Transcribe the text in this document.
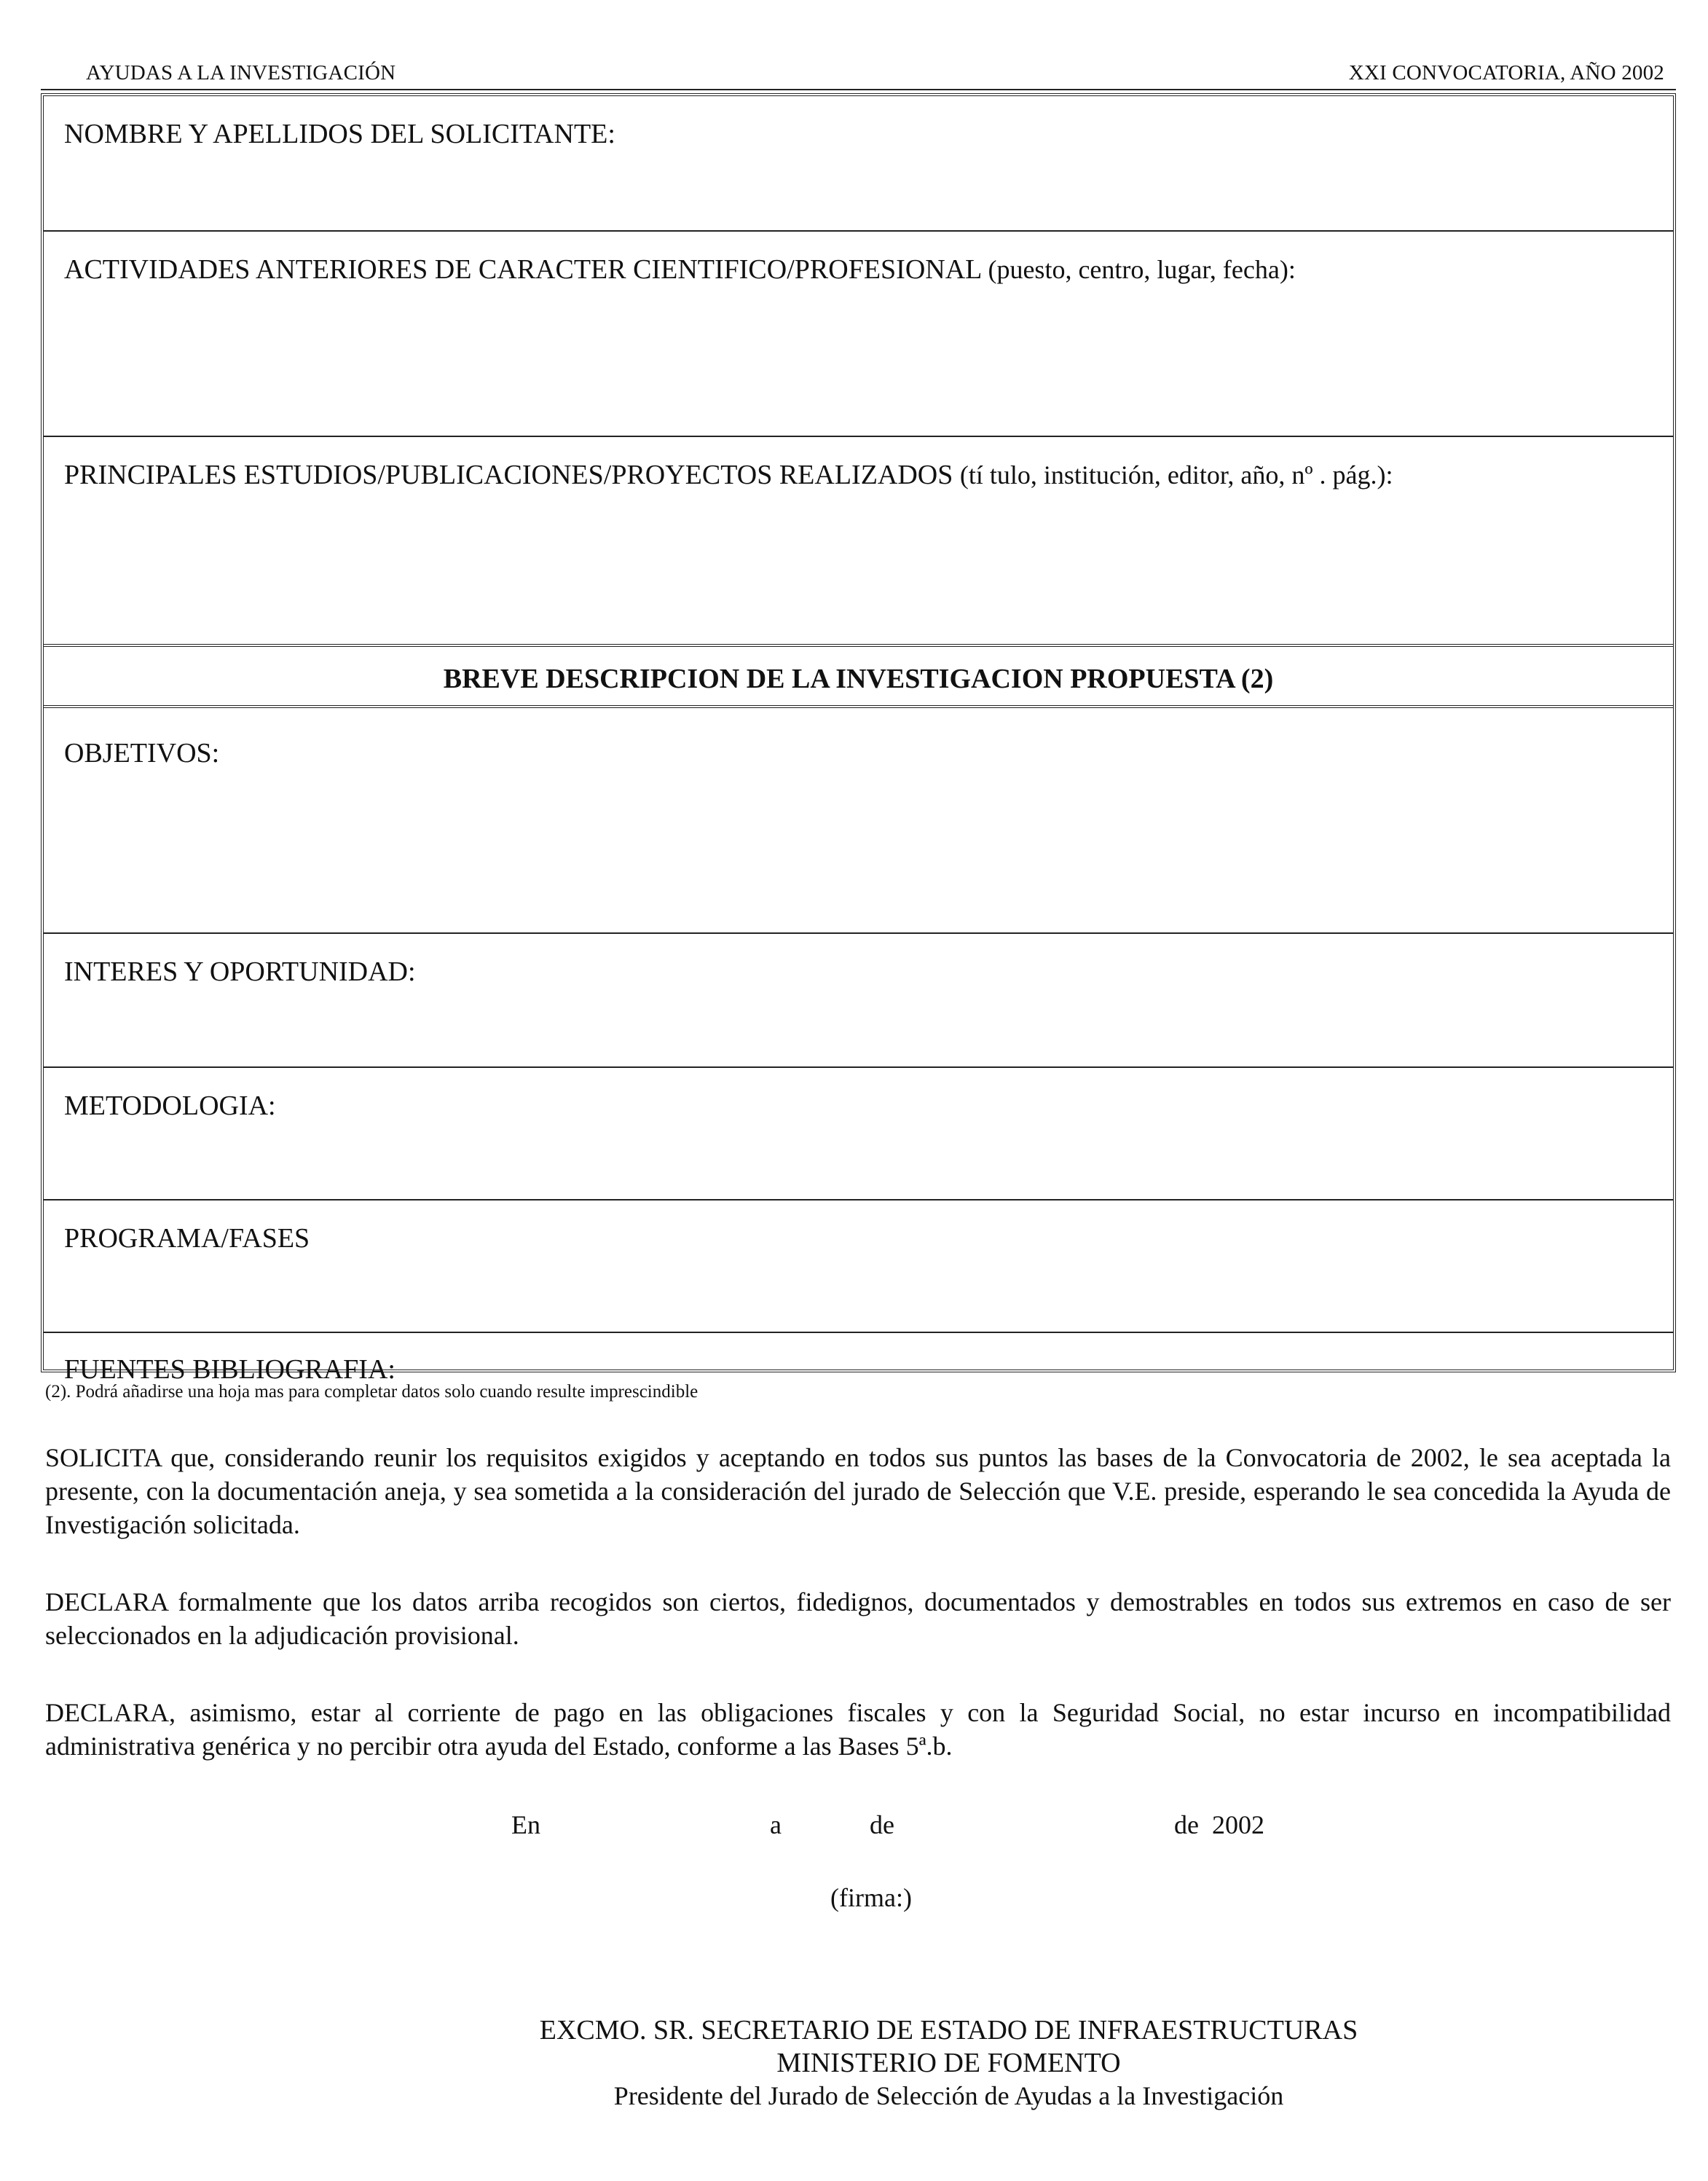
AYUDAS A LA INVESTIGACIÓN	XXI CONVOCATORIA, AÑO 2002
NOMBRE Y APELLIDOS DEL SOLICITANTE:
ACTIVIDADES ANTERIORES DE CARACTER CIENTIFICO/PROFESIONAL (puesto, centro, lugar, fecha):
PRINCIPALES ESTUDIOS/PUBLICACIONES/PROYECTOS REALIZADOS (tí tulo, institución, editor, año, nº . pág.):
BREVE DESCRIPCION DE LA INVESTIGACION PROPUESTA (2)
OBJETIVOS:
INTERES Y OPORTUNIDAD:
METODOLOGIA:
PROGRAMA/FASES
FUENTES BIBLIOGRAFIA:
(2). Podrá añadirse una hoja mas para completar datos solo cuando resulte imprescindible
SOLICITA que, considerando reunir los requisitos exigidos y aceptando en todos sus puntos las bases de la Convocatoria de 2002, le sea aceptada la presente, con la documentación aneja, y sea sometida a la consideración del jurado de Selección que V.E. preside, esperando le sea concedida la Ayuda de Investigación solicitada.
DECLARA formalmente que los datos arriba recogidos son ciertos, fidedignos, documentados y demostrables en todos sus extremos en caso de ser seleccionados en la adjudicación provisional.
DECLARA, asimismo, estar al corriente de pago en las obligaciones fiscales y con la Seguridad Social, no estar incurso en incompatibilidad administrativa genérica y no percibir otra ayuda del Estado, conforme a las Bases 5ª.b.
En	a	de	de  2002
(firma:)
EXCMO. SR. SECRETARIO DE ESTADO DE INFRAESTRUCTURAS
MINISTERIO DE FOMENTO
Presidente del Jurado de Selección de Ayudas a la Investigación
